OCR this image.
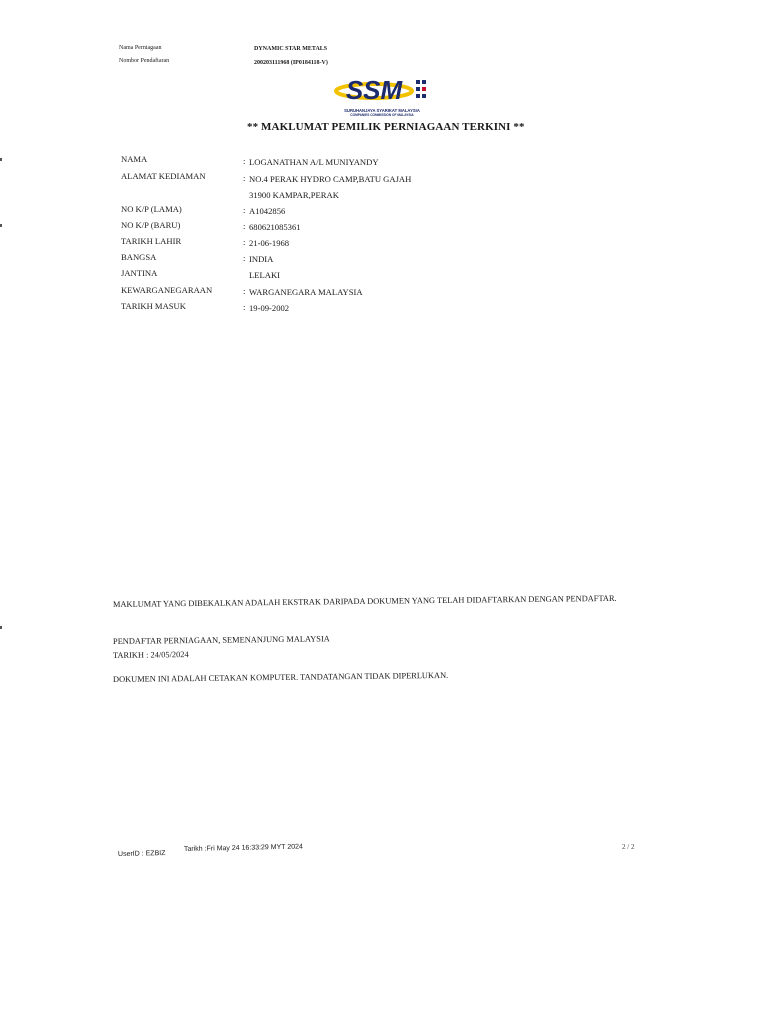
Nama Perniagaan	DYNAMIC STAR METALS
Nombor Pendaftaran	200203111968 (IP0184118-V)
SSM
SURUHANJAYA SYARIKAT MALAYSIA
COMPANIES COMMISSION OF MALAYSIA
** MAKLUMAT PEMILIK PERNIAGAAN TERKINI **
NAMA	: LOGANATHAN A/L MUNIYANDY
ALAMAT KEDIAMAN	: NO.4 PERAK HYDRO CAMP,BATU GAJAH
31900 KAMPAR,PERAK
NO K/P (LAMA)	: A1042856
NO K/P (BARU)	: 680621085361
TARIKH LAHIR	: 21-06-1968
BANGSA	: INDIA
JANTINA	LELAKI
KEWARGANEGARAAN	: WARGANEGARA MALAYSIA
TARIKH MASUK	: 19-09-2002
MAKLUMAT YANG DIBEKALKAN ADALAH EKSTRAK DARIPADA DOKUMEN YANG TELAH DIDAFTARKAN DENGAN PENDAFTAR.
PENDAFTAR PERNIAGAAN, SEMENANJUNG MALAYSIA
TARIKH : 24/05/2024
DOKUMEN INI ADALAH CETAKAN KOMPUTER. TANDATANGAN TIDAK DIPERLUKAN.
UserID : EZBIZ
Tarikh :Fri May 24 16:33:29 MYT 2024	2 / 2
